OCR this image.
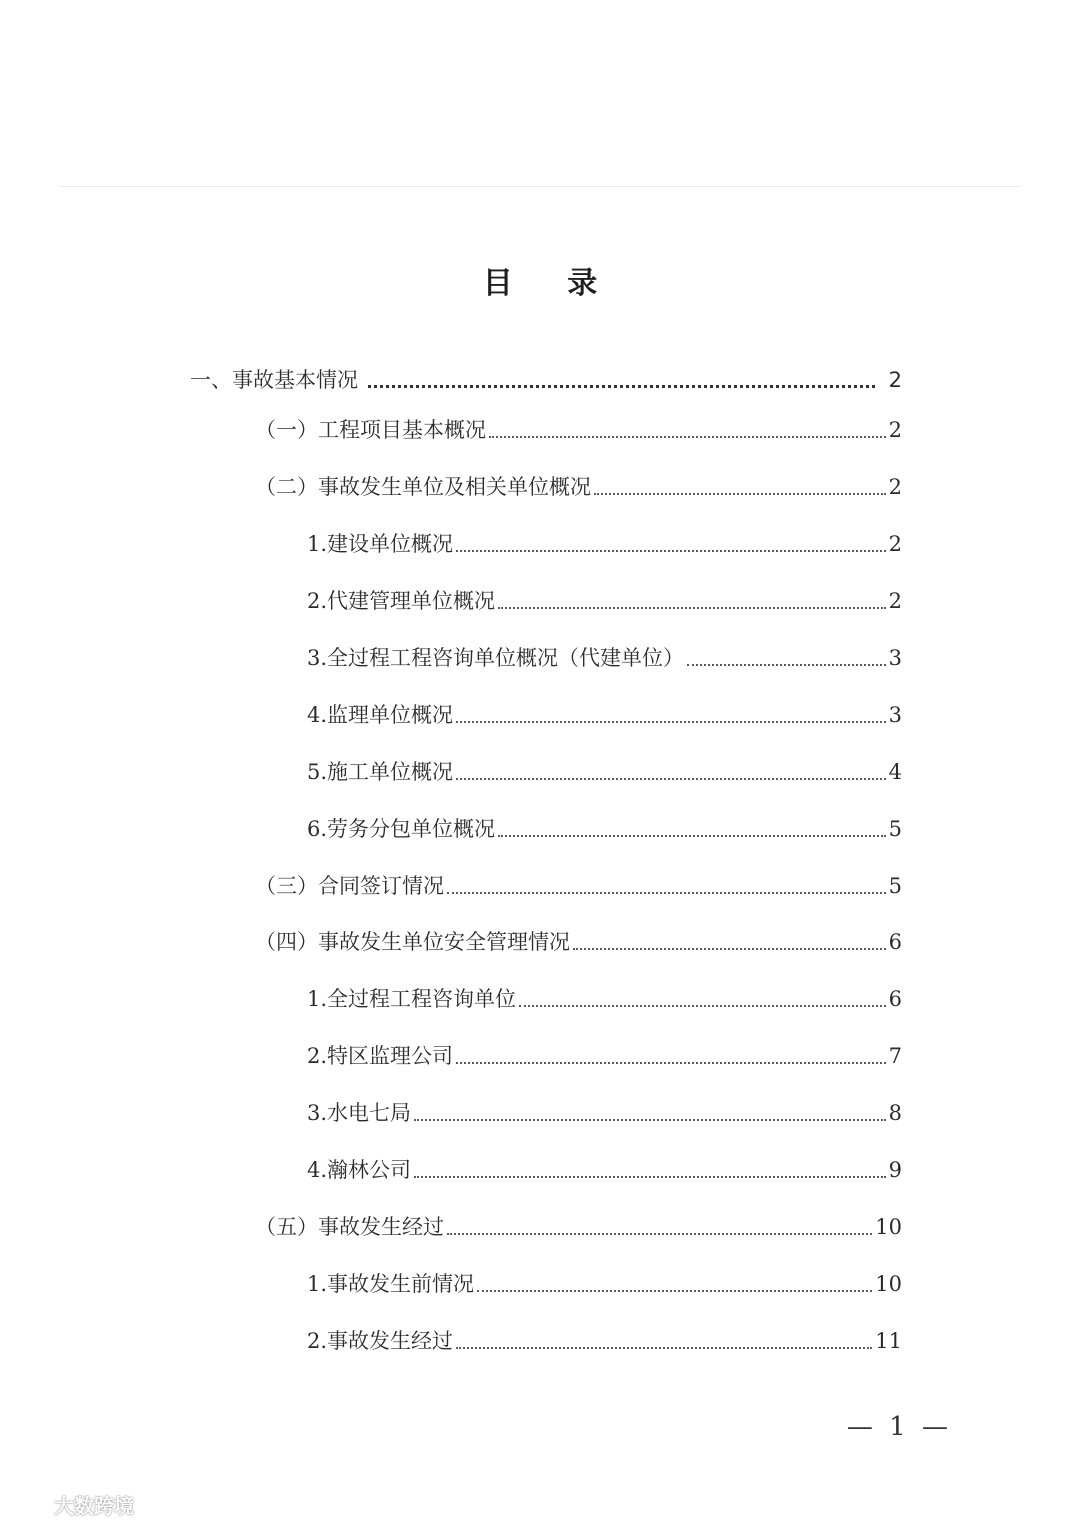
目 录
一、事故基本情况	2
（一）工程项目基本概况	2
（二）事故发生单位及相关单位概况	2
1.建设单位概况	2
2.代建管理单位概况	2
3.全过程工程咨询单位概况（代建单位）	3
4.监理单位概况	3
5.施工单位概况	4
6.劳务分包单位概况	5
（三）合同签订情况	5
（四）事故发生单位安全管理情况	6
1.全过程工程咨询单位	6
2.特区监理公司	7
3.水电七局	8
4.瀚林公司	9
（五）事故发生经过	10
1.事故发生前情况	10
2.事故发生经过	11
— 1 —
大数跨境
